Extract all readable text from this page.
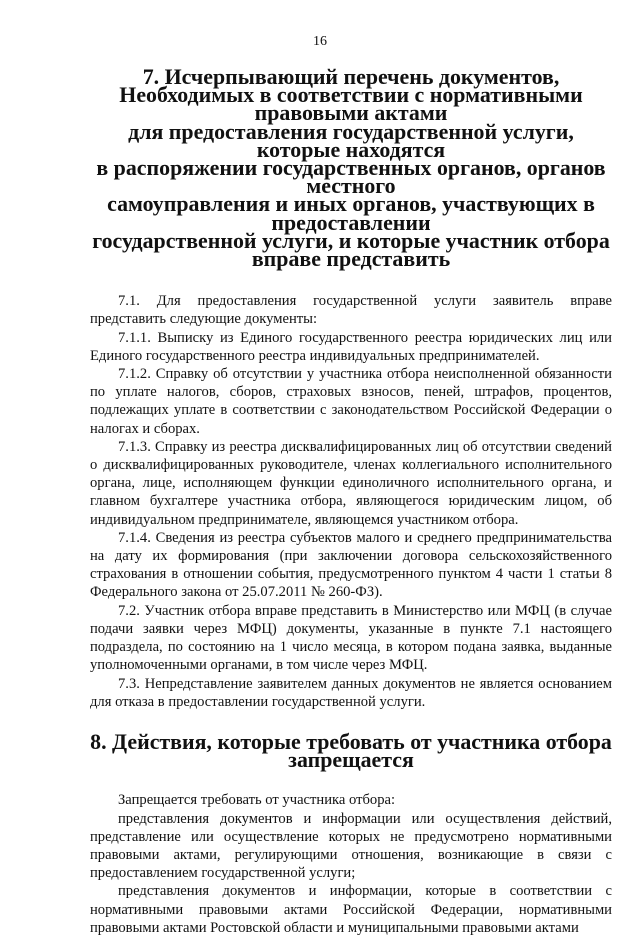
16
7. Исчерпывающий перечень документов,
Необходимых в соответствии с нормативными правовыми актами
для предоставления государственной услуги, которые находятся
в распоряжении государственных органов, органов местного
самоуправления и иных органов, участвующих в предоставлении
государственной услуги, и которые участник отбора
вправе представить

7.1. Для предоставления государственной услуги заявитель вправе представить следующие документы:

7.1.1. Выписку из Единого государственного реестра юридических лиц или Единого государственного реестра индивидуальных предпринимателей.

7.1.2. Справку об отсутствии у участника отбора неисполненной обязанности по уплате налогов, сборов, страховых взносов, пеней, штрафов, процентов, подлежащих уплате в соответствии с законодательством Российской Федерации о налогах и сборах.

7.1.3. Справку из реестра дисквалифицированных лиц об отсутствии сведений о дисквалифицированных руководителе, членах коллегиального исполнительного органа, лице, исполняющем функции единоличного исполнительного органа, и главном бухгалтере участника отбора, являющегося юридическим лицом, об индивидуальном предпринимателе, являющемся участником отбора.

7.1.4. Сведения из реестра субъектов малого и среднего предпринимательства на дату их формирования (при заключении договора сельскохозяйственного страхования в отношении события, предусмотренного пунктом 4 части 1 статьи 8 Федерального закона от 25.07.2011 № 260-ФЗ).

7.2. Участник отбора вправе представить в Министерство или МФЦ (в случае подачи заявки через МФЦ) документы, указанные в пункте 7.1 настоящего подраздела, по состоянию на 1 число месяца, в котором подана заявка, выданные уполномоченными органами, в том числе через МФЦ.

7.3. Непредставление заявителем данных документов не является основанием для отказа в предоставлении государственной услуги.

8. Действия, которые требовать от участника отбора
запрещается

Запрещается требовать от участника отбора:

представления документов и информации или осуществления действий, представление или осуществление которых не предусмотрено нормативными правовыми актами, регулирующими отношения, возникающие в связи с предоставлением государственной услуги;

представления документов и информации, которые в соответствии с нормативными правовыми актами Российской Федерации, нормативными правовыми актами Ростовской области и муниципальными правовыми актами
